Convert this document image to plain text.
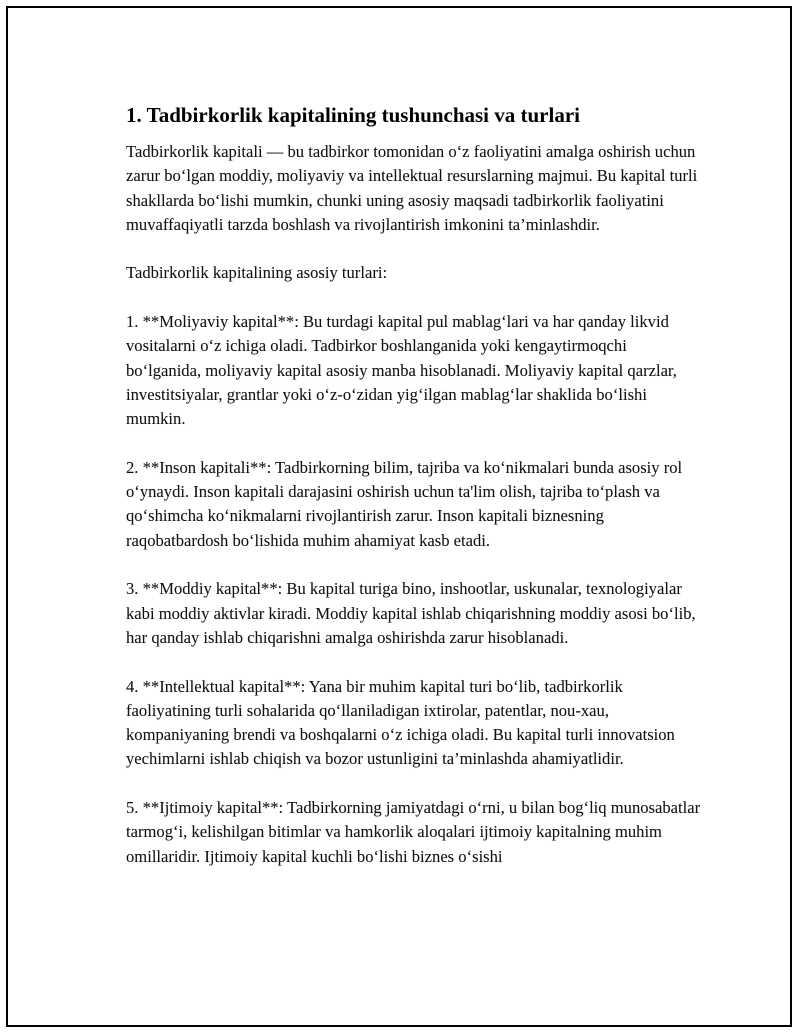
1. Tadbirkorlik kapitalining tushunchasi va turlari

Tadbirkorlik kapitali — bu tadbirkor tomonidan o‘z faoliyatini amalga oshirish uchun zarur bo‘lgan moddiy, moliyaviy va intellektual resurslarning majmui. Bu kapital turli shakllarda bo‘lishi mumkin, chunki uning asosiy maqsadi tadbirkorlik faoliyatini muvaffaqiyatli tarzda boshlash va rivojlantirish imkonini ta’minlashdir.

Tadbirkorlik kapitalining asosiy turlari:

1. **Moliyaviy kapital**: Bu turdagi kapital pul mablag‘lari va har qanday likvid vositalarni o‘z ichiga oladi. Tadbirkor boshlanganida yoki kengaytirmoqchi bo‘lganida, moliyaviy kapital asosiy manba hisoblanadi. Moliyaviy kapital qarzlar, investitsiyalar, grantlar yoki o‘z-o‘zidan yig‘ilgan mablag‘lar shaklida bo‘lishi mumkin.

2. **Inson kapitali**: Tadbirkorning bilim, tajriba va ko‘nikmalari bunda asosiy rol o‘ynaydi. Inson kapitali darajasini oshirish uchun ta'lim olish, tajriba to‘plash va qo‘shimcha ko‘nikmalarni rivojlantirish zarur. Inson kapitali biznesning raqobatbardosh bo‘lishida muhim ahamiyat kasb etadi.

3. **Moddiy kapital**: Bu kapital turiga bino, inshootlar, uskunalar, texnologiyalar kabi moddiy aktivlar kiradi. Moddiy kapital ishlab chiqarishning moddiy asosi bo‘lib, har qanday ishlab chiqarishni amalga oshirishda zarur hisoblanadi.

4. **Intellektual kapital**: Yana bir muhim kapital turi bo‘lib, tadbirkorlik faoliyatining turli sohalarida qo‘llaniladigan ixtirolar, patentlar, nou-xau, kompaniyaning brendi va boshqalarni o‘z ichiga oladi. Bu kapital turli innovatsion yechimlarni ishlab chiqish va bozor ustunligini ta’minlashda ahamiyatlidir.

5. **Ijtimoiy kapital**: Tadbirkorning jamiyatdagi o‘rni, u bilan bog‘liq munosabatlar tarmog‘i, kelishilgan bitimlar va hamkorlik aloqalari ijtimoiy kapitalning muhim omillaridir. Ijtimoiy kapital kuchli bo‘lishi biznes o‘sishi
